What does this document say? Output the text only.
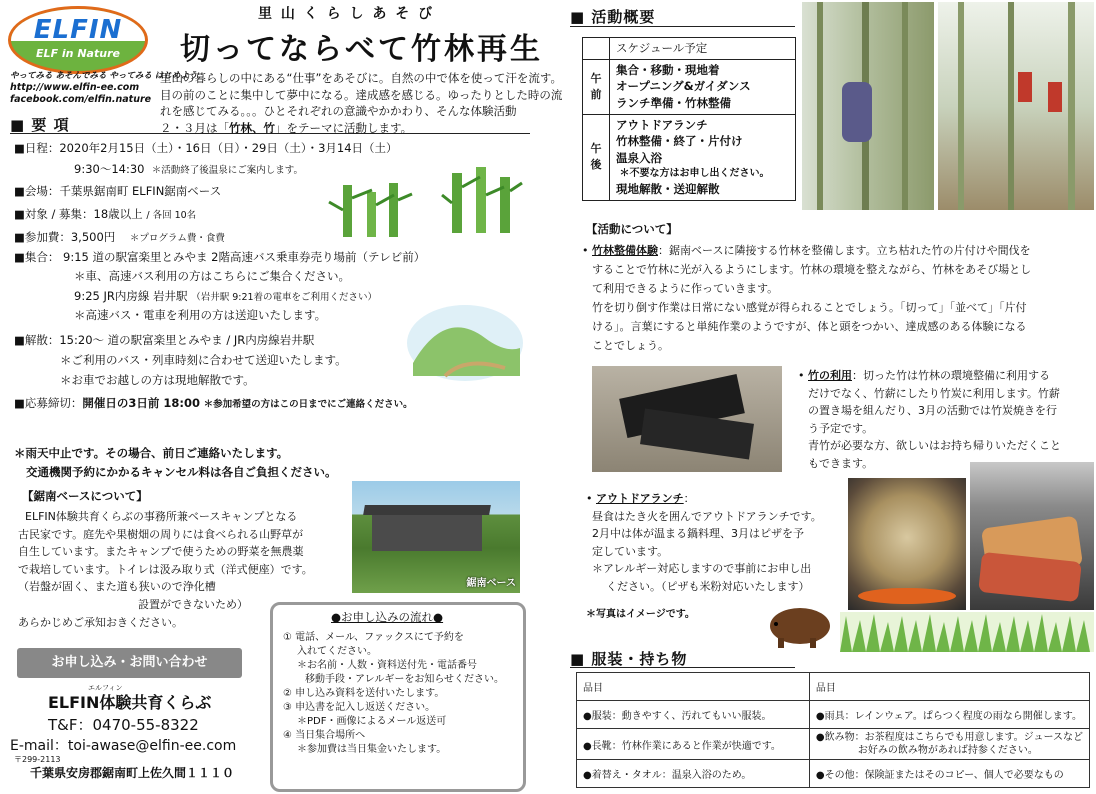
ELFIN
ELF in Nature
やってみる あそんでみる やってみる はじめよう
http://www.elfin-ee.com
facebook.com/elfin.nature
里 山 く ら し あ そ び
切ってならべて竹林再生
里山の暮らしの中にある“仕事”をあそびに。自然の中で体を使って汗を流す。
目の前のことに集中して夢中になる。達成感を感じる。ゆったりとした時の流
れを感じてみる。。。ひとそれぞれの意識やかかわり、そんな体験活動
２・３月は「竹林、竹」をテーマに活動します。
■ 要 項
■日程：2020年2月15日（土）・16日（日）・29日（土）・3月14日（土）
9:30～14:30 ＊活動終了後温泉にご案内します。
■会場：千葉県鋸南町 ELFIN鋸南ベース
■対象 / 募集：18歳以上 / 各回 10名
■参加費：3,500円 ＊プログラム費・食費
■集合： 9:15 道の駅富楽里とみやま 2階高速バス乗車券売り場前（テレビ前）
＊車、高速バス利用の方はこちらにご集合ください。
9:25 JR内房線 岩井駅 （岩井駅 9:21着の電車をご利用ください）
＊高速バス・電車を利用の方は送迎いたします。
■解散：15:20～ 道の駅富楽里とみやま / JR内房線岩井駅
＊ご利用のバス・列車時刻に合わせて送迎いたします。
＊お車でお越しの方は現地解散です。
■応募締切：開催日の3日前 18:00 ＊参加希望の方はこの日までにご連絡ください。
＊雨天中止です。その場合、前日ご連絡いたします。
交通機関予約にかかるキャンセル料は各自ご負担ください。
【鋸南ベースについて】
ELFIN体験共育くらぶの事務所兼ベースキャンプとなる
古民家です。庭先や果樹畑の周りには食べられる山野草が
自生しています。またキャンプで使うための野菜を無農薬
で栽培しています。トイレは汲み取り式（洋式便座）です。
（岩盤が固く、また道も狭いので浄化槽
設置ができないため）
あらかじめご承知おきください。
鋸南ベース
お申し込み・お問い合わせ
エルフィン
ELFIN体験共育くらぶ
T&F：0470-55-8322
E-mail：toi-awase@elfin-ee.com
〒299-2113
千葉県安房郡鋸南町上佐久間１１１０
●お申し込みの流れ●
① 電話、メール、ファックスにて予約を
入れてください。
＊お名前・人数・資料送付先・電話番号
移動手段・アレルギーをお知らせください。
② 申し込み資料を送付いたします。
③ 申込書を記入し返送ください。
＊PDF・画像によるメール返送可
④ 当日集合場所へ
＊参加費は当日集金いたします。
■ 活動概要
	スケジュール予定
午前	集合・移動・現地着
オープニング&ガイダンス
ランチ準備・竹林整備

午後	アウトドアランチ
竹林整備・終了・片付け
温泉入浴
＊不要な方はお申し出ください。
現地解散・送迎解散
【活動について】
• 竹林整備体験：鋸南ベースに隣接する竹林を整備します。立ち枯れた竹の片付けや間伐を
することで竹林に光が入るようにします。竹林の環境を整えながら、竹林をあそび場とし
て利用できるように作っていきます。
竹を切り倒す作業は日常にない感覚が得られることでしょう。「切って」「並べて」「片付
ける」。言葉にすると単純作業のようですが、体と頭をつかい、達成感のある体験になる
ことでしょう。
• 竹の利用：切った竹は竹林の環境整備に利用する
だけでなく、竹薪にしたり竹炭に利用します。竹薪
の置き場を組んだり、3月の活動では竹炭焼きを行
う予定です。
青竹が必要な方、欲しいはお持ち帰りいただくこと
もできます。
• アウトドアランチ：
昼食はたき火を囲んでアウトドアランチです。
2月中は体が温まる鍋料理、3月はピザを予
定しています。
＊アレルギー対応しますので事前にお申し出
ください。（ピザも米粉対応いたします）
＊写真はイメージです。
■ 服装・持ち物
品目	品目
●服装：動きやすく、汚れてもいい服装。	●雨具：レインウェア。ぱらつく程度の雨なら開催します。
●長靴：竹林作業にあると作業が快適です。	●飲み物：お茶程度はこちらでも用意します。ジュースなど
お好みの飲み物があれば持参ください。

●着替え・タオル：温泉入浴のため。	●その他：保険証またはそのコピー、個人で必要なもの
